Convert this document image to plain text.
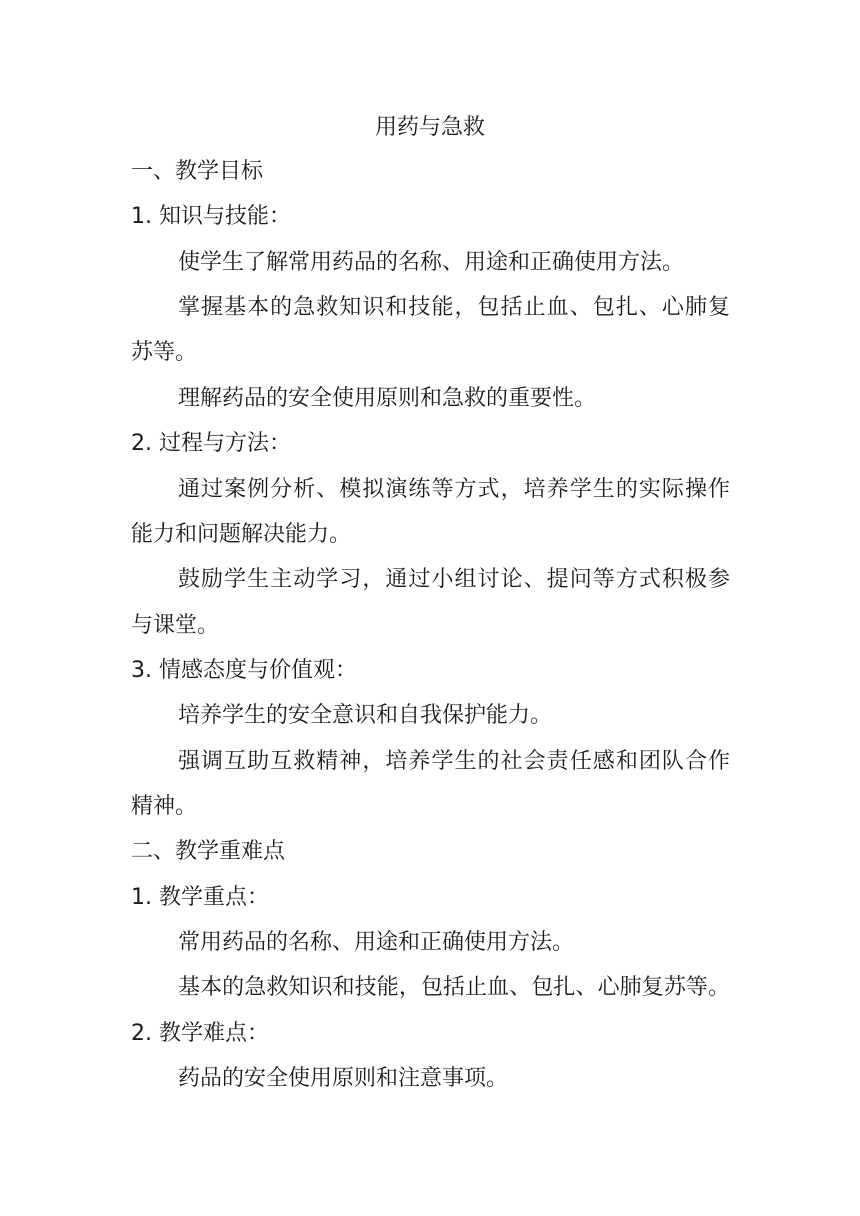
用药与急救
一、教学目标
1. 知识与技能：
使学生了解常用药品的名称、用途和正确使用方法。
掌握基本的急救知识和技能，包括止血、包扎、心肺复
苏等。
理解药品的安全使用原则和急救的重要性。
2. 过程与方法：
通过案例分析、模拟演练等方式，培养学生的实际操作
能力和问题解决能力。
鼓励学生主动学习，通过小组讨论、提问等方式积极参
与课堂。
3. 情感态度与价值观：
培养学生的安全意识和自我保护能力。
强调互助互救精神，培养学生的社会责任感和团队合作
精神。
二、教学重难点
1. 教学重点：
常用药品的名称、用途和正确使用方法。
基本的急救知识和技能，包括止血、包扎、心肺复苏等。
2. 教学难点：
药品的安全使用原则和注意事项。
